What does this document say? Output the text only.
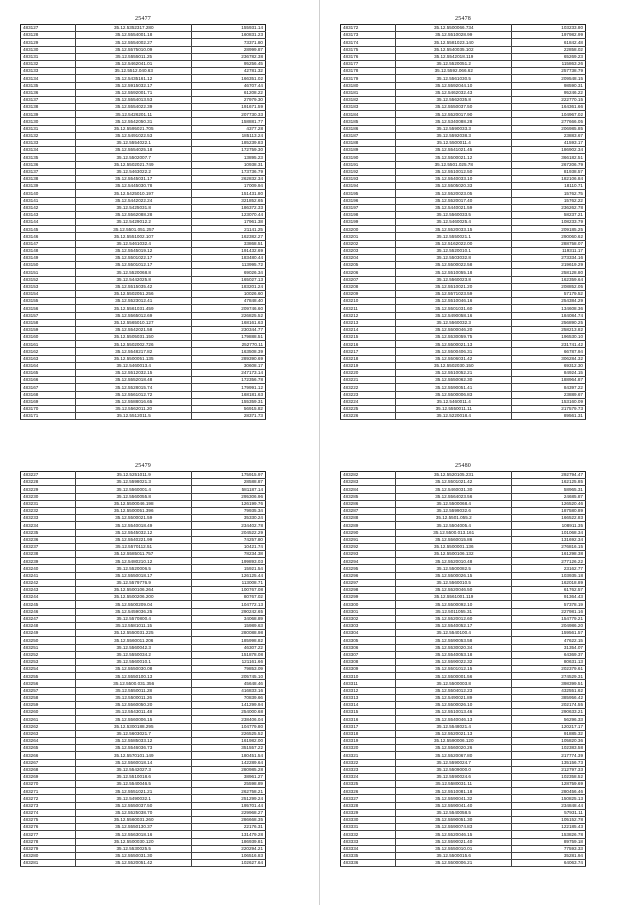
25477
483127	35.12.5352317.280	155931.14
483128	35.12.5554001.18	160831.23
483129	35.12.5554002.27	73371.80
483130	35.12.5575010.09	28999.87
483131	35.12.5555011.25	236782.38
483132	35.12.5462041.01	95256.45
483133	35.12.5512.040.63	42781.32
483134	35.12.5435161.12	166351.02
483135	35.12.5915032.17	46707.44
483136	35.12.5592001.71	61208.22
483137	35.12.5554013.53	27979.30
483138	35.12.5554022.39	191671.59
483139	35.12.5426201.11	207730.33
483130	35.12.5542050.31	158881.77
483131	35.12.5595021.705	4377.28
483132	35.12.5491022.53	185113.24
483133	35.12.5554022.1	185239.83
483134	35.12.5554025.18	172759.30
483135	35.12.5502007.7	13895.23
483136	35.12.5502021.749	10938.31
483137	35.12.5463022.2	173736.79
483138	35.12.5545031.17	262832.34
483139	35.12.5445030.78	17009.94
483140	35.12.5425010.197	151431.80
483141	35.12.5442022.24	321852.65
483142	35.12.5425031.8	186372.33
483143	35.12.5562088.28	123070.44
483144	35.12.5429012.2	17961.38
483145	35.12.5501.051.257	21141.25
483146	35.12.5551002.107	162382.27
483147	35.12.5461032.4	33868.51
483148	35.12.5545019.12	191432.69
483149	35.12.5501022.17	183480.44
483150	35.12.5501012.17	113995.72
483151	35.12.5520068.8	69026.34
483152	35.12.5442025.8	165027.13
483153	35.12.5515035.42	183201.24
483154	35.12.5502051.256	10026.60
483155	35.12.5523012.41	47848.40
483156	35.12.5561031.459	209746.60
483157	35.12.5565012.69	226825.52
483158	35.12.5565010.127	168161.63
483159	35.12.5542021.58	230344.77
483160	35.12.5505031.150	179888.51
483161	35.12.5502002.726	252770.11
483162	35.12.5548217.82	163508.39
483163	35.12.5500051.135	289390.69
483164	35.12.5460013.4	30608.17
483165	35.12.5512032.15	247173.14
483166	35.12.5552018.48	172356.78
483167	35.12.5528015.74	179991.12
483168	35.12.5561012.72	168181.63
483169	35.12.5588016.65	155359.31
483170	35.12.5562011.20	56915.82
483171	35.12.5512011.5	28371.73
25478
483172	35.12.5500066.734	103233.80
483173	35.12.5510028.99	197982.99
483174	35.12.5581023.140	61842.48
483175	35.12.5540035.102	22858.02
483176	35.12.5542018.119	65269.23
483177	35.12.5520051.2	115863.26
483178	35.12.5592.066.62	257738.79
483179	35.12.5561030.5	209548.15
483180	35.12.5592044.10	98590.31
483181	35.12.5462032.43	95246.22
483182	35.12.5562035.8	222770.15
483183	35.12.5550037.50	164361.66
483184	35.12.5520017.90	104967.02
483185	35.12.5340088.28	277666.05
483186	35.12.5590033.3	206985.85
483187	35.12.5592038.3	23883.67
483188	35.12.5500011.4	41593.17
483189	35.12.5541021.45	186902.34
483190	35.12.5500021.12	366182.51
483191	35.12.5501.025.78	267206.79
483192	35.12.5510012.50	81938.57
483193	35.12.5540033.10	182106.84
483194	35.12.5505020.33	18110.71
483195	35.12.5520023.05	15762.75
483196	35.12.5520017.40	15762.22
483197	35.12.5440021.59	236262.78
483198	35.12.5560033.5	58237.21
483199	35.12.5460025.4	108233.79
483200	35.12.5520033.15	209185.25
483201	35.12.5550021.1	290060.62
483202	35.12.5162022.00	288758.07
483203	35.12.5520010.1	119311.17
483204	35.12.5503032.8	273334.16
483205	35.12.5500022.58	219619.29
483206	35.12.5510055.18	258128.80
483207	35.12.5560023.8	162359.64
483208	35.12.5510021.20	208852.05
483209	35.12.5571023.59	57179.52
483210	35.12.5510046.16	254384.29
483211	35.12.5501031.60	134608.36
483212	35.12.5490058.16	184084.74
483213	35.12.5560032.3	256890.25
483214	35.12.5500046.20	258213.82
483215	35.12.5530059.75	196530.10
483216	35.12.5500021.13	231741.42
483217	35.12.5500406.31	66787.94
483218	35.12.5506031.42	306284.32
483219	35.12.5502030.150	69312.30
483220	35.12.5510052.21	84924.15
483221	35.12.5550062.30	188964.87
483222	35.12.5590051.41	84397.22
483223	35.12.5500006.83	23889.67
483224	35.12.5460011.4	153160.09
483225	35.12.5550011.11	217579.73
483226	35.12.5220018.4	89561.31
25479
483227	35.12.5251011.9	175915.97
483228	35.12.5598021.3	28588.87
483229	35.12.5560001.4	581187.14
483230	35.12.5560055.8	295306.96
483231	35.12.5500046.198	126199.76
483232	35.12.5500051.396	79935.34
483233	35.12.5500021.59	35330.24
483234	35.12.5540018.49	234402.78
483235	35.12.5545032.12	204522.29
483236	35.12.5540221.99	74257.80
483237	35.12.5570112.51	10421.74
483238	35.12.5585011.757	78234.38
483239	35.12.5480210.12	199893.03
483240	35.12.5520006.5	15921.54
483241	35.12.5550018.17	126125.44
483242	35.12.5579776.9	113008.71
483243	35.12.5500106.264	100767.08
483244	35.12.5500206.200	80767.02
483245	35.12.5500209.04	104772.13
483246	35.12.5459036.25	290242.65
483247	35.12.5570800.4	34068.89
483248	35.12.5581011.15	15989.63
483249	35.12.5550031.225	280088.98
483250	35.12.5560011.206	185998.82
483251	35.12.5560042.3	46307.22
483252	35.12.5550034.2	151878.08
483253	35.12.5560010.1	121161.66
483254	35.12.5550030.08	79853.09
483255	35.12.5550100.13	205745.10
483256	35.12.5500.031.356	45648.46
483257	35.12.5550011.28	416833.16
483258	35.12.5500011.26	70839.66
483259	35.12.5560050.20	141299.94
483260	35.12.5543011.48	254000.68
483261	35.12.5560006.15	238406.04
483262	35.12.5300188.295	104779.80
483263	35.12.5603021.7	226525.52
483264	35.12.5585033.12	161982.00
483265	35.12.5546036.73	351557.22
483266	35.12.5570101.149	180451.54
483267	35.12.5560018.14	142289.64
483268	35.12.5542027.3	280985.28
483269	35.12.5510018.6	38961.27
483270	35.12.5540046.5	25598.89
483271	35.12.5551021.21	262758.21
483272	35.12.5490032.1	251299.24
483273	35.12.5550037.50	195701.44
483274	35.12.5525038.70	229968.27
483275	35.12.5560031.260	286668.35
483276	35.12.5550130.37	22176.31
483277	35.12.5563018.16	131479.28
483278	35.12.5500030.120	186939.81
483279	35.12.5530025.5	220294.21
483280	35.12.5550031.30	106516.83
483281	35.12.5520051.42	102627.64
25480
483282	35.12.5520105.231	292794.47
483283	35.12.5501021.42	162125.85
483284	35.12.5460031.30	58965.31
483285	35.12.5564023.56	24685.87
483286	35.12.5500068.4	126520.46
483287	35.12.5599032.6	187580.89
483288	35.12.5501.055.2	166522.83
483289	35.12.5504005.4	108911.35
483290	35.12.5500.013.161	101068.34
483291	35.12.5560015.86	131692.34
483292	35.12.5500001.136	276816.15
483293	35.12.5500106.132	161298.38
483294	35.12.5520010.48	277126.22
483295	35.12.5500082.5	23162.77
483296	35.12.5500026.15	103935.18
483297	35.12.5560010.5	162018.89
483298	35.12.5520046.50	61762.57
483299	35.12.5561001.119	91364.43
483300	35.12.5500092.10	57378.19
483301	35.12.5011055.31	227981.16
483302	35.12.5520012.60	154779.21
483303	35.12.5540052.17	204986.20
483304	35.12.5540100.4	159561.57
483305	35.12.5590053.58	47622.15
483306	35.12.5530020.34	31354.07
483307	35.12.5540053.18	64369.37
483308	35.12.5590022.32	80631.13
483309	35.12.5501012.15	202379.61
483310	35.12.5500001.56	274529.31
483311	35.12.5500003.8	398399.51
483312	35.12.5504012.23	432551.62
483313	35.12.5490021.89	385956.42
483314	35.12.5500026.10	202174.55
483315	35.12.5510013.46	290633.21
483316	35.12.5540046.13	56296.33
483317	35.12.5548021.4	120217.17
483318	35.12.5520021.13	91885.32
483319	35.12.5590006.120	105820.36
483320	35.12.5560020.26	102383.58
483321	35.12.5520067.80	217774.39
483322	35.12.5590024.7	135156.73
483323	35.12.5509000.0	212797.33
483324	35.12.5590024.6	102358.52
483325	35.12.5580031.11	128759.69
483326	35.12.5510081.18	280456.46
483327	35.12.5590041.32	150825.13
483328	35.12.5590041.40	234848.44
483329	35.12.5540058.5	57931.11
483330	35.12.5590051.30	105152.78
483331	35.12.5590074.83	122185.43
483332	35.12.5520046.15	153826.78
483333	35.12.5590021.40	89759.18
483334	35.12.5550010.01	77593.33
483335	35.12.5500015.6	35281.94
483336	35.12.5500006.21	64063.74
